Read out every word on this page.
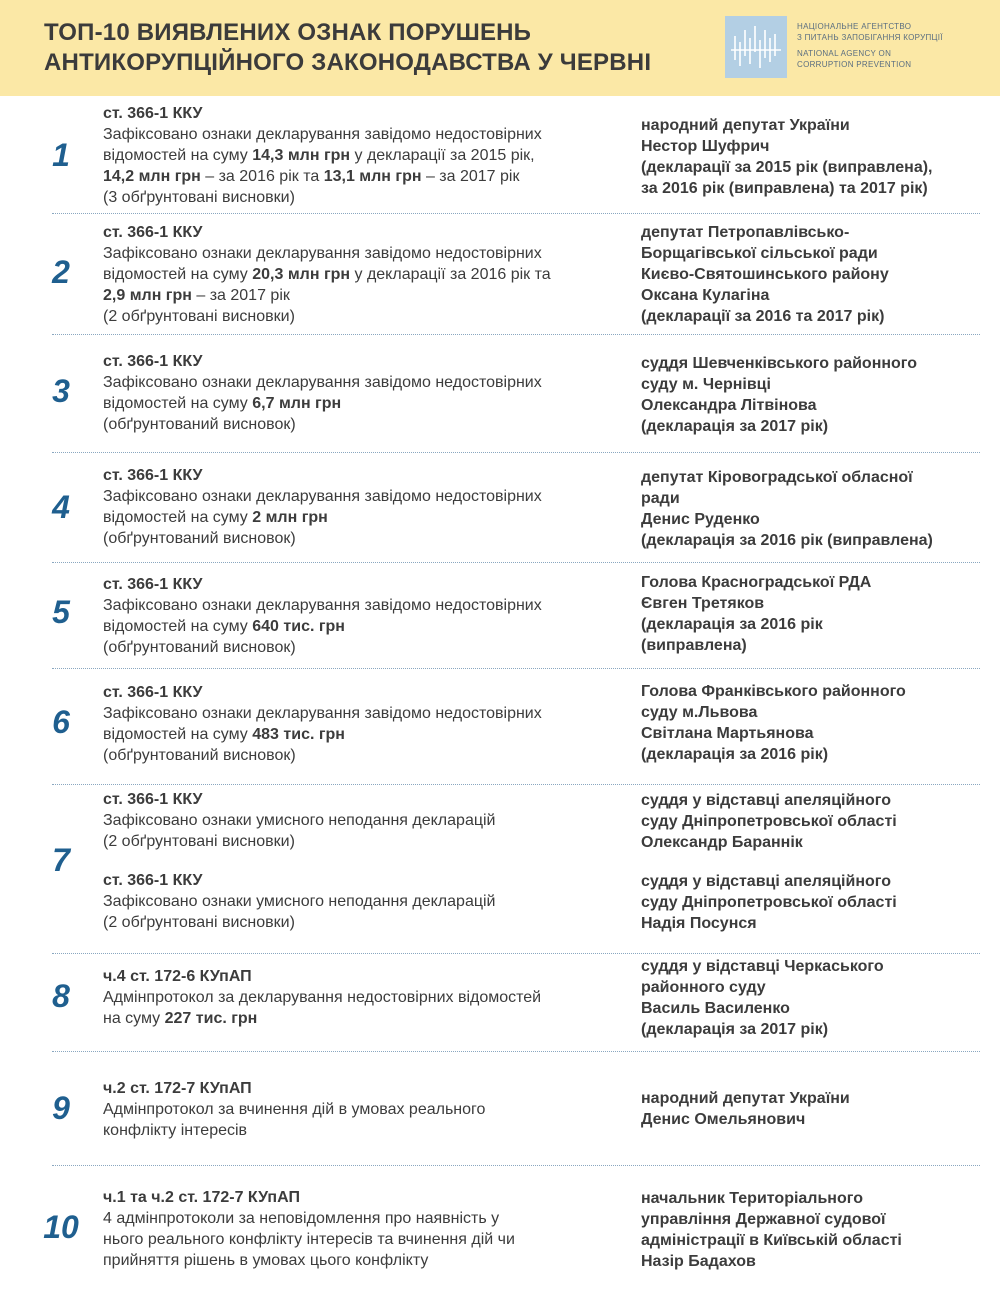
ТОП-10 ВИЯВЛЕНИХ ОЗНАК ПОРУШЕНЬ
АНТИКОРУПЦІЙНОГО ЗАКОНОДАВСТВА У ЧЕРВНІ
НАЦІОНАЛЬНЕ АГЕНТСТВО
З ПИТАНЬ ЗАПОБІГАННЯ КОРУПЦІЇ
NATIONAL AGENCY ON
CORRUPTION PREVENTION
1
ст. 366-1 ККУ
Зафіксовано ознаки декларування завідомо недостовірних
відомостей на суму 14,3 млн грн у декларації за 2015 рік,
14,2 млн грн – за 2016 рік та 13,1 млн грн – за 2017 рік
(3 обґрунтовані висновки)
народний депутат України
Нестор Шуфрич
(декларації за 2015 рік (виправлена),
за 2016 рік (виправлена) та 2017 рік)
2
ст. 366-1 ККУ
Зафіксовано ознаки декларування завідомо недостовірних
відомостей на суму 20,3 млн грн у декларації за 2016 рік та
2,9 млн грн – за 2017 рік
(2 обґрунтовані висновки)
депутат Петропавлівсько-
Борщагівської сільської ради
Києво-Святошинського району
Оксана Кулагіна
(декларації за 2016 та 2017 рік)
3
ст. 366-1 ККУ
Зафіксовано ознаки декларування завідомо недостовірних
відомостей на суму 6,7 млн грн
(обґрунтований висновок)
суддя Шевченківського районного
суду м. Чернівці
Олександра Літвінова
(декларація за 2017 рік)
4
ст. 366-1 ККУ
Зафіксовано ознаки декларування завідомо недостовірних
відомостей на суму 2 млн грн
(обґрунтований висновок)
депутат Кіровоградської обласної
ради
Денис Руденко
(декларація за 2016 рік (виправлена)
5
ст. 366-1 ККУ
Зафіксовано ознаки декларування завідомо недостовірних
відомостей на суму 640 тис. грн
(обґрунтований висновок)
Голова Красноградської РДА
Євген Третяков
(декларація за 2016 рік
(виправлена)
6
ст. 366-1 ККУ
Зафіксовано ознаки декларування завідомо недостовірних
відомостей на суму 483 тис. грн
(обґрунтований висновок)
Голова Франківського районного
суду м.Львова
Світлана Мартьянова
(декларація за 2016 рік)
7
ст. 366-1 ККУ
Зафіксовано ознаки умисного неподання декларацій
(2 обґрунтовані висновки)
суддя у відставці апеляційного
суду Дніпропетровської області
Олександр Бараннік
ст. 366-1 ККУ
Зафіксовано ознаки умисного неподання декларацій
(2 обґрунтовані висновки)
суддя у відставці апеляційного
суду Дніпропетровської області
Надія Посунся
8
ч.4 ст. 172-6 КУпАП
Адмінпротокол за декларування недостовірних відомостей
на суму 227 тис. грн
суддя у відставці Черкаського
районного суду
Василь Василенко
(декларація за 2017 рік)
9
ч.2 ст. 172-7 КУпАП
Адмінпротокол за вчинення дій в умовах реального
конфлікту інтересів
народний депутат України
Денис Омельянович
10
ч.1 та ч.2 ст. 172-7 КУпАП
4 адмінпротоколи за неповідомлення про наявність у
нього реального конфлікту інтересів та вчинення дій чи
прийняття рішень в умовах цього конфлікту
начальник Територіального
управління Державної судової
адміністрації в Київській області
Назір Бадахов
